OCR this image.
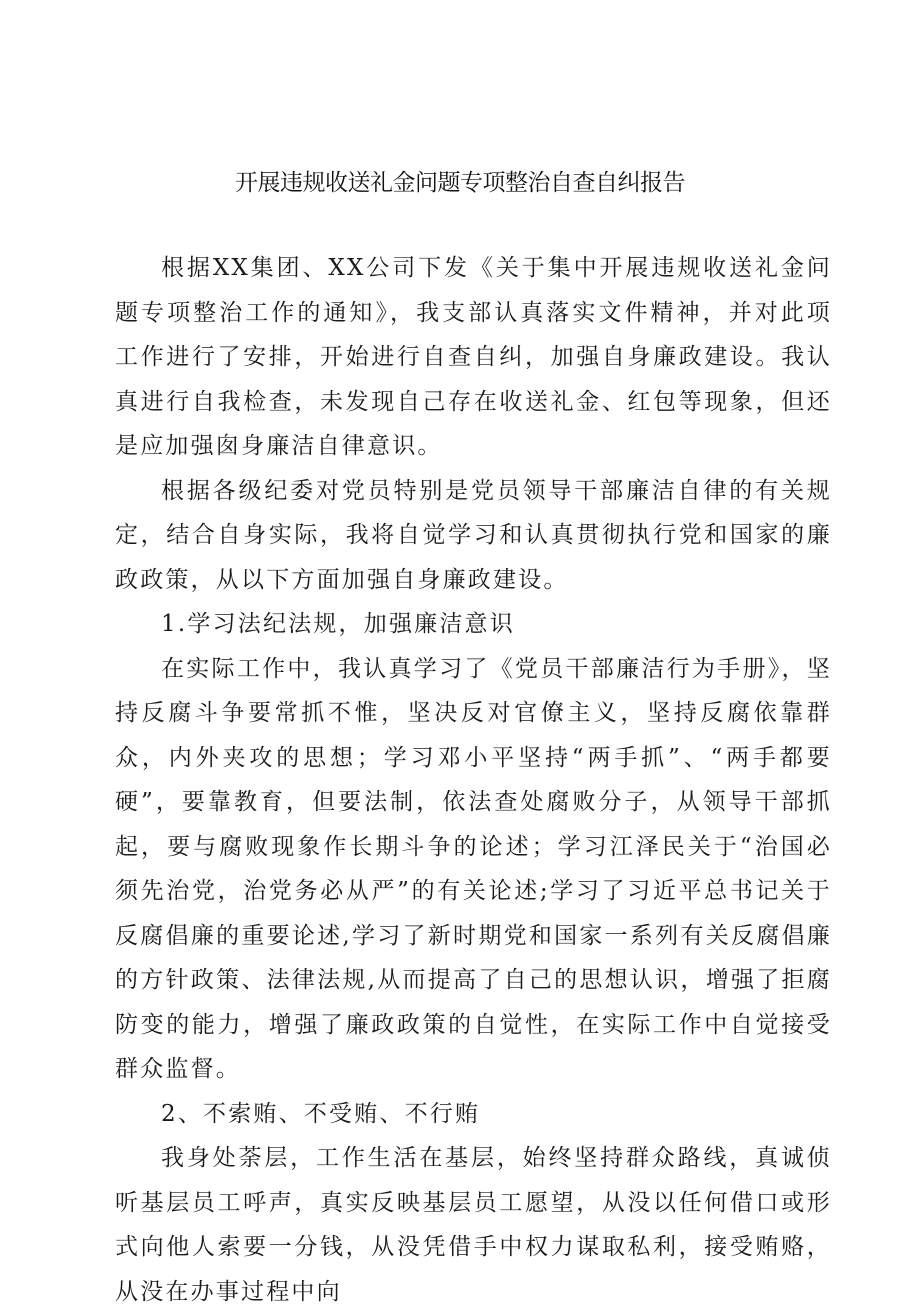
开展违规收送礼金问题专项整治自查自纠报告

根据XX集团、XX公司下发《关于集中开展违规收送礼金问题专项整治工作的通知》，我支部认真落实文件精神，并对此项工作进行了安排，开始进行自查自纠，加强自身廉政建设。我认真进行自我检查，未发现自己存在收送礼金、红包等现象，但还是应加强囱身廉洁自律意识。

根据各级纪委对党员特别是党员领导干部廉洁自律的有关规定，结合自身实际，我将自觉学习和认真贯彻执行党和国家的廉政政策，从以下方面加强自身廉政建设。

1.学习法纪法规，加强廉洁意识

在实际工作中，我认真学习了《党员干部廉洁行为手册》，坚持反腐斗争要常抓不惟，坚决反对官僚主义，坚持反腐依靠群众，内外夹攻的思想；学习邓小平坚持“两手抓”、“两手都要硬”，要靠教育，但要法制，依法查处腐败分子，从领导干部抓起，要与腐败现象作长期斗争的论述；学习江泽民关于“治国必须先治党，治党务必从严”的有关论述;学习了习近平总书记关于反腐倡廉的重要论述,学习了新时期党和国家一系列有关反腐倡廉的方针政策、法律法规,从而提高了自己的思想认识，增强了拒腐防变的能力，增强了廉政政策的自觉性，在实际工作中自觉接受群众监督。

2、不索贿、不受贿、不行贿

我身处荼层，工作生活在基层，始终坚持群众路线，真诚侦听基层员工呼声，真实反映基层员工愿望，从没以任何借口或形式向他人索要一分钱，从没凭借手中权力谋取私利，接受贿赂，从没在办事过程中向
